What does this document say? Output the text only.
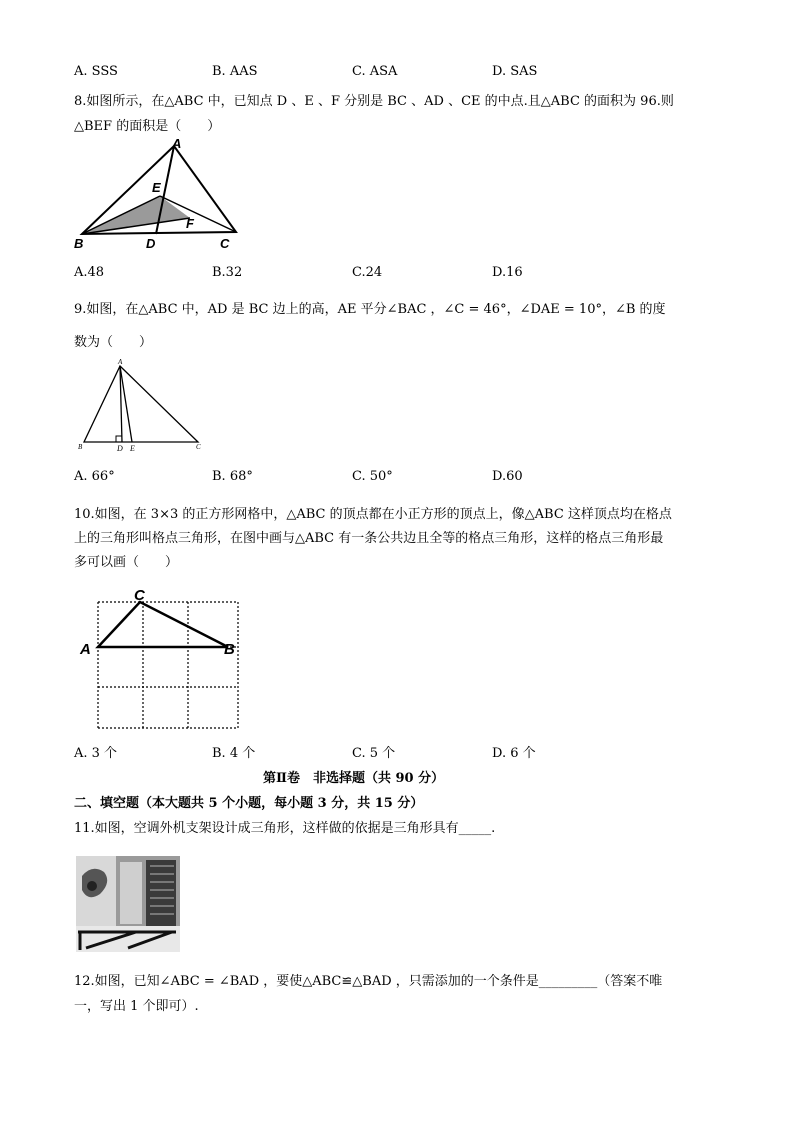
A. SSS	B. AAS	C. ASA	D. SAS
8.如图所示，在△ABC 中，已知点 D 、E 、F 分别是 BC 、AD 、CE 的中点.且△ABC 的面积为 96.则
△BEF 的面积是（　　）
A
B	C
D
E
F
A.48	B.32	C.24	D.16
9.如图，在△ABC 中，AD 是 BC 边上的高，AE 平分∠BAC ，∠C = 46°，∠DAE = 10°，∠B 的度
数为（　　）
A
B	C
D E
A. 66°	B. 68°	C. 50°	D.60
10.如图，在 3×3 的正方形网格中，△ABC 的顶点都在小正方形的顶点上，像△ABC 这样顶点均在格点
上的三角形叫格点三角形，在图中画与△ABC 有一条公共边且全等的格点三角形，这样的格点三角形最
多可以画（　　）
C
A	B
A. 3 个	B. 4 个	C. 5 个	D. 6 个
第Ⅱ卷　非选择题（共 90 分）
二、填空题（本大题共 5 个小题，每小题 3 分，共 15 分）
11.如图，空调外机支架设计成三角形，这样做的依据是三角形具有_____.
12.如图，已知∠ABC = ∠BAD ，要使△ABC≌△BAD ，只需添加的一个条件是_________（答案不唯
一，写出 1 个即可）.
